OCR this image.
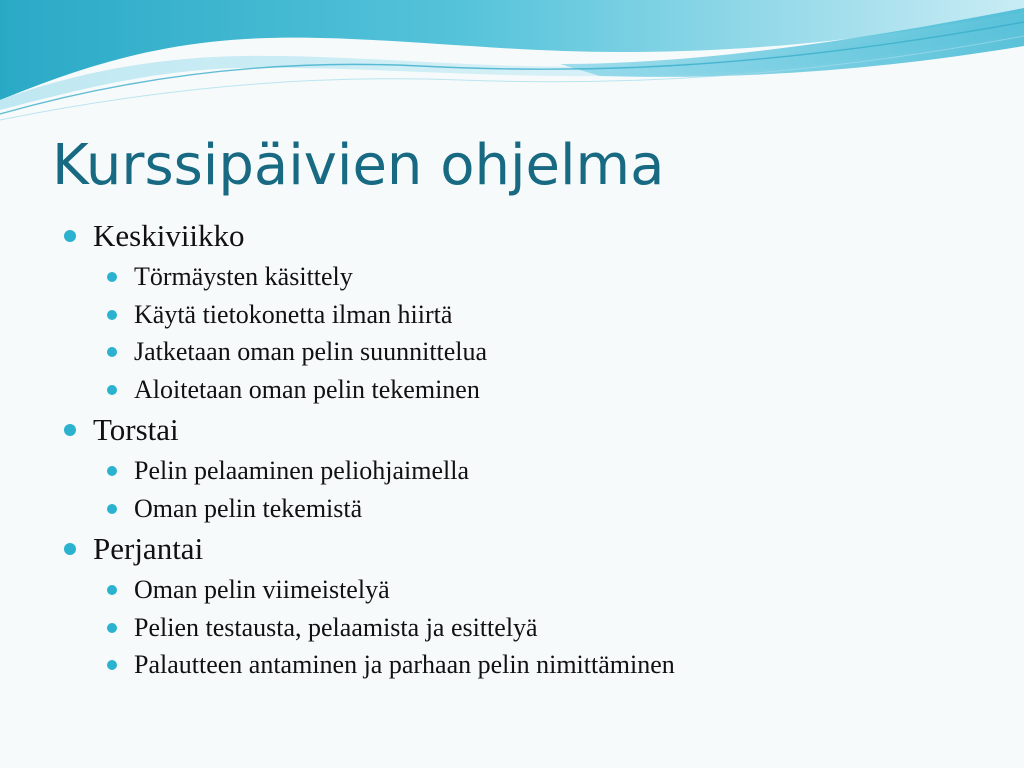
Kurssipäivien ohjelma
Keskiviikko
Törmäysten käsittely
Käytä tietokonetta ilman hiirtä
Jatketaan oman pelin suunnittelua
Aloitetaan oman pelin tekeminen
Torstai
Pelin pelaaminen peliohjaimella
Oman pelin tekemistä
Perjantai
Oman pelin viimeistelyä
Pelien testausta, pelaamista ja esittelyä
Palautteen antaminen ja parhaan pelin nimittäminen
